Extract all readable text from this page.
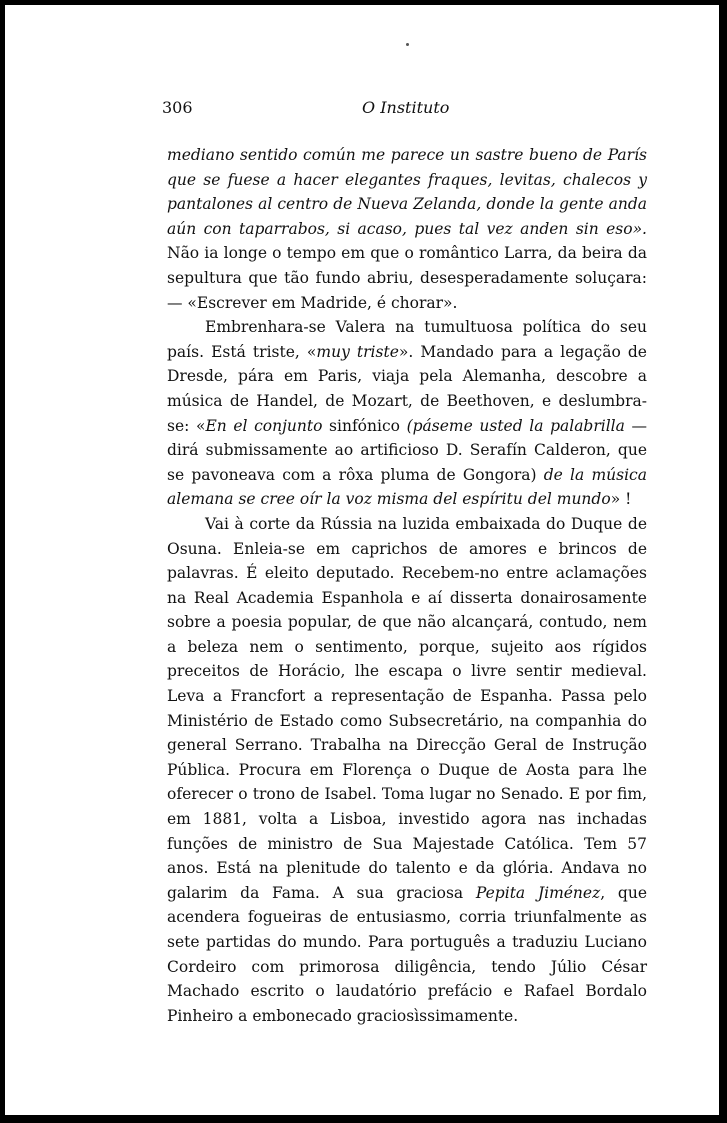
306	O Instituto

mediano sentido común me parece un sastre bueno de París que se fuese a hacer elegantes fraques, levitas, chalecos y pantalones al centro de Nueva Zelanda, donde la gente anda aún con taparrabos, si acaso, pues tal vez anden sin eso». Não ia longe o tempo em que o romântico Larra, da beira da sepultura que tão fundo abriu, desesperadamente soluçara: — «Escrever em Madride, é chorar».

Embrenhara-se Valera na tumultuosa política do seu país. Está triste, «muy triste». Mandado para a legação de Dresde, pára em Paris, viaja pela Alemanha, descobre a música de Handel, de Mozart, de Beethoven, e deslumbra-se: «En el conjunto sinfónico (páseme usted la palabrilla — dirá submissamente ao artificioso D. Serafín Calderon, que se pavoneava com a rôxa pluma de Gongora) de la música alemana se cree oír la voz misma del espíritu del mundo» !

Vai à corte da Rússia na luzida embaixada do Duque de Osuna. Enleia-se em caprichos de amores e brincos de palavras. É eleito deputado. Recebem-no entre aclamações na Real Academia Espanhola e aí disserta donairosamente sobre a poesia popular, de que não alcançará, contudo, nem a beleza nem o sentimento, porque, sujeito aos rígidos preceitos de Horácio, lhe escapa o livre sentir medieval. Leva a Francfort a representação de Espanha. Passa pelo Ministério de Estado como Subsecretário, na companhia do general Serrano. Trabalha na Direcção Geral de Instrução Pública. Procura em Florença o Duque de Aosta para lhe oferecer o trono de Isabel. Toma lugar no Senado. E por fim, em 1881, volta a Lisboa, investido agora nas inchadas funções de ministro de Sua Majestade Católica. Tem 57 anos. Está na plenitude do talento e da glória. Andava no galarim da Fama. A sua graciosa Pepita Jiménez, que acendera fogueiras de entusiasmo, corria triunfalmente as sete partidas do mundo. Para português a traduziu Luciano Cordeiro com primorosa diligência, tendo Júlio César Machado escrito o laudatório prefácio e Rafael Bordalo Pinheiro a embonecado graciosìssimamente.
